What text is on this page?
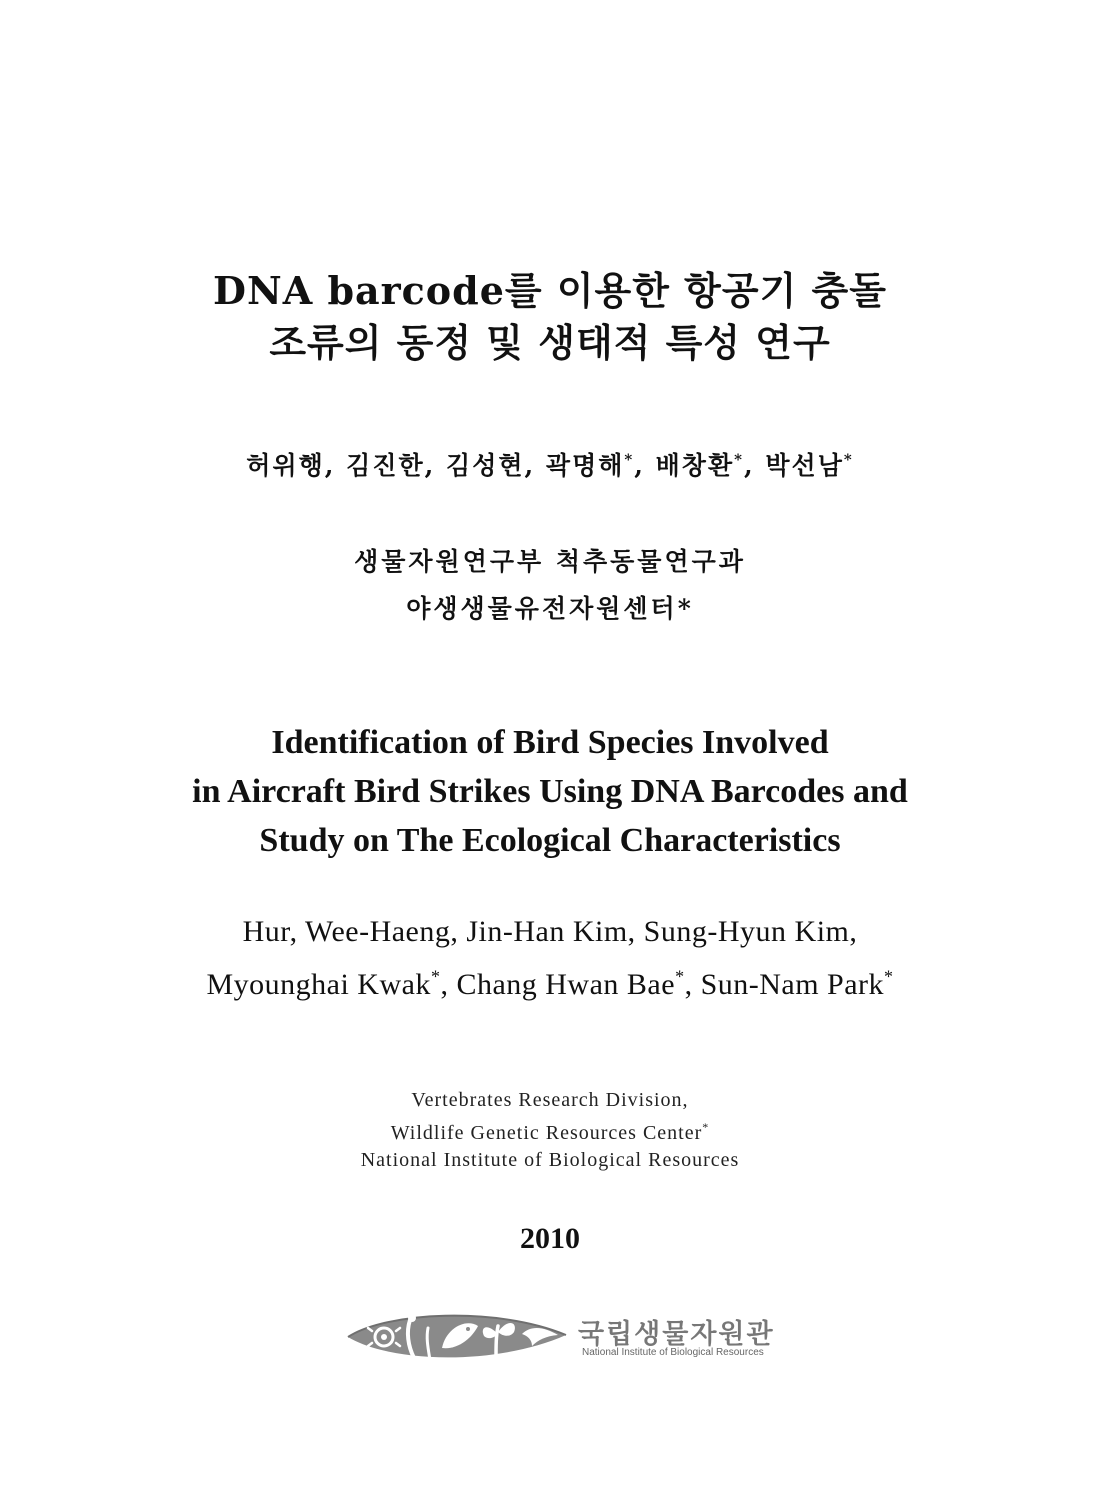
DNA barcode를 이용한 항공기 충돌
조류의 동정 및 생태적 특성 연구
허위행, 김진한, 김성현, 곽명해*, 배창환*, 박선남*
생물자원연구부 척추동물연구과
야생생물유전자원센터*
Identification of Bird Species Involved
in Aircraft Bird Strikes Using DNA Barcodes and
Study on The Ecological Characteristics
Hur, Wee-Haeng, Jin-Han Kim, Sung-Hyun Kim,
Myounghai Kwak*, Chang Hwan Bae*, Sun-Nam Park*
Vertebrates Research Division,
Wildlife Genetic Resources Center*
National Institute of Biological Resources
2010
국립생물자원관
National Institute of Biological Resources
